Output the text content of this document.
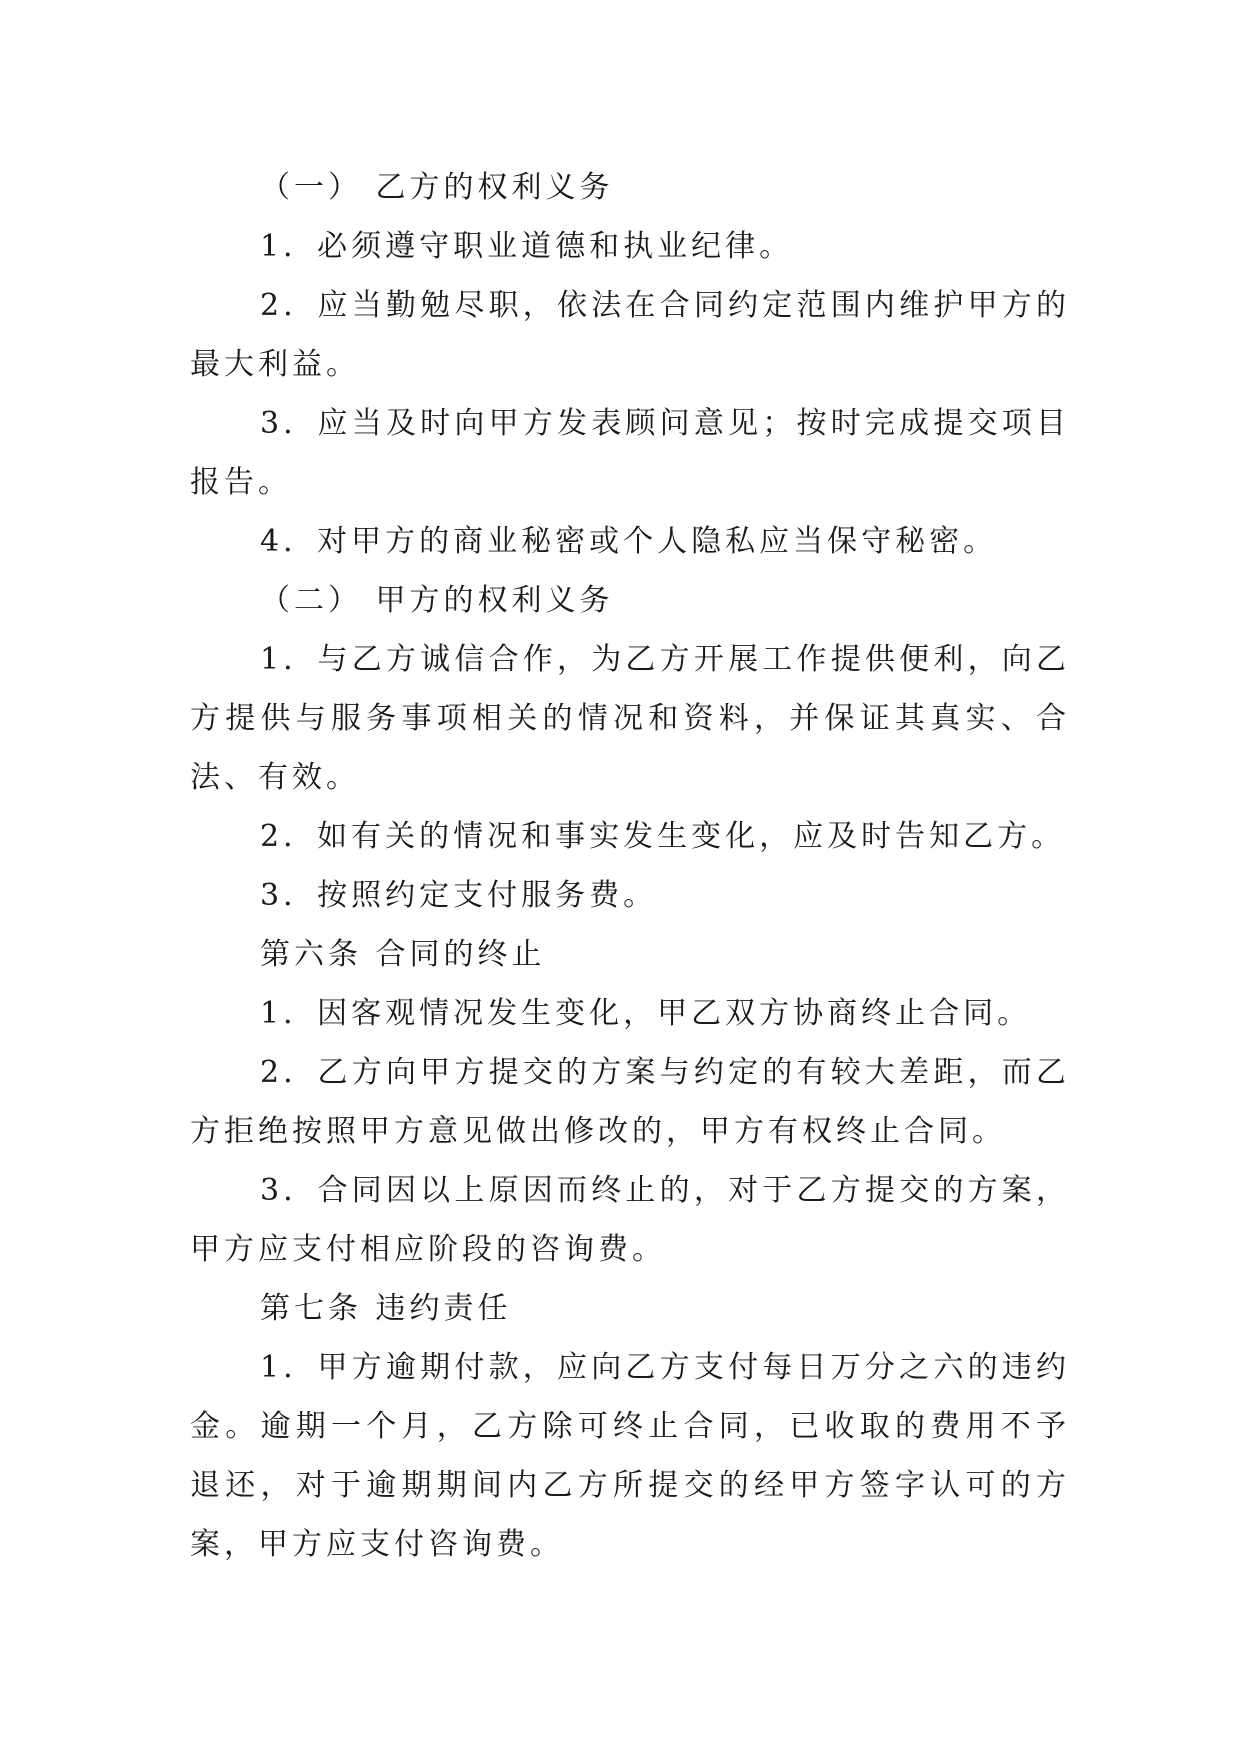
（一） 乙方的权利义务

1．必须遵守职业道德和执业纪律。

2．应当勤勉尽职，依法在合同约定范围内维护甲方的最大利益。

3．应当及时向甲方发表顾问意见；按时完成提交项目报告。

4．对甲方的商业秘密或个人隐私应当保守秘密。

（二） 甲方的权利义务

1．与乙方诚信合作，为乙方开展工作提供便利，向乙方提供与服务事项相关的情况和资料，并保证其真实、合法、有效。

2．如有关的情况和事实发生变化，应及时告知乙方。

3．按照约定支付服务费。

第六条 合同的终止

1．因客观情况发生变化，甲乙双方协商终止合同。

2．乙方向甲方提交的方案与约定的有较大差距，而乙方拒绝按照甲方意见做出修改的，甲方有权终止合同。

3．合同因以上原因而终止的，对于乙方提交的方案，甲方应支付相应阶段的咨询费。

第七条 违约责任

1．甲方逾期付款，应向乙方支付每日万分之六的违约金。逾期一个月，乙方除可终止合同，已收取的费用不予退还，对于逾期期间内乙方所提交的经甲方签字认可的方案，甲方应支付咨询费。
